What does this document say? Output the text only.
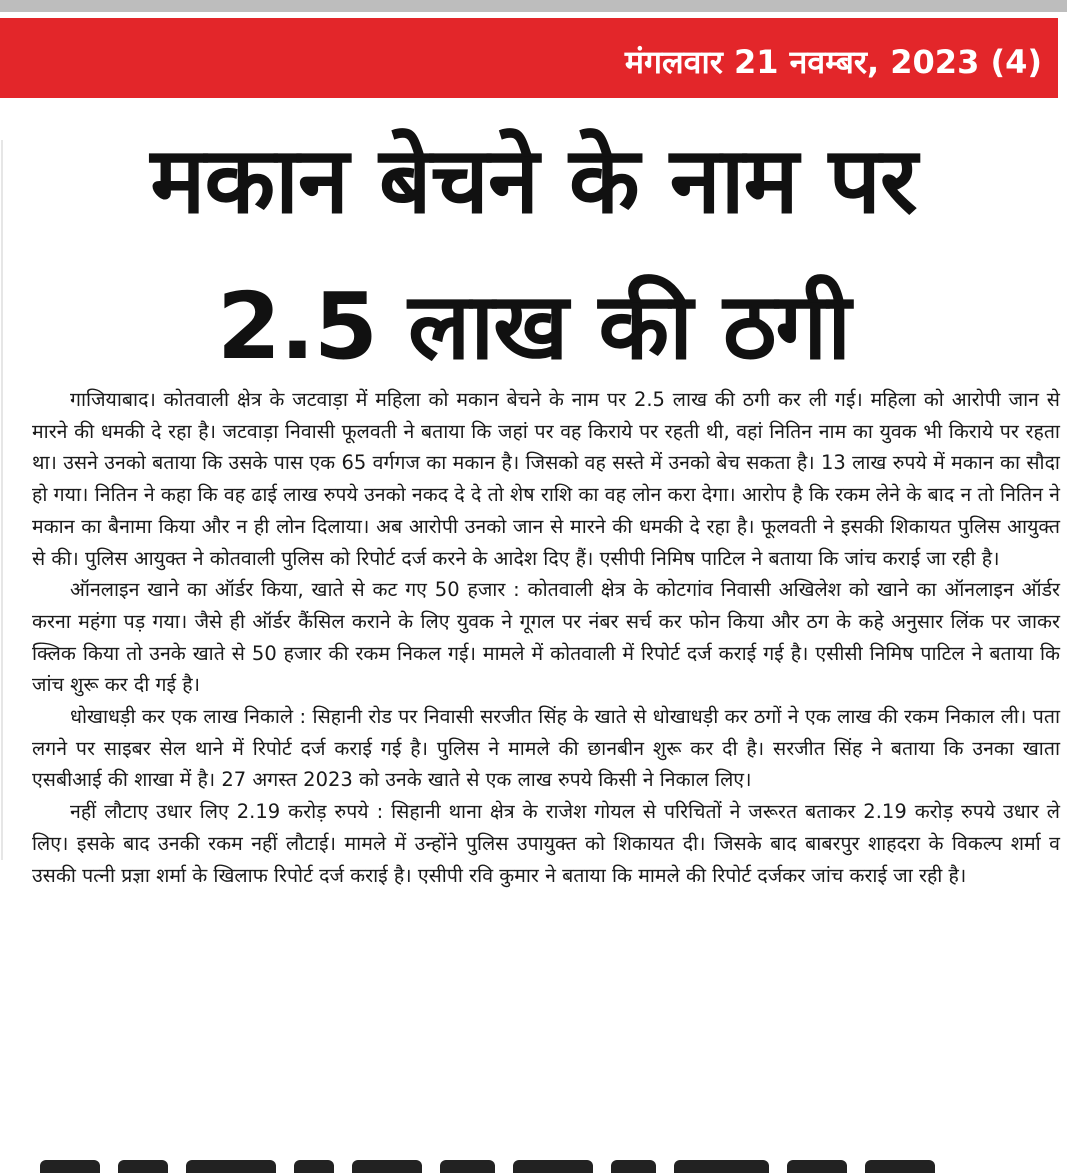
मंगलवार 21 नवम्बर, 2023 (4)
मकान बेचने के नाम पर
2.5 लाख की ठगी

गाजियाबाद। कोतवाली क्षेत्र के जटवाड़ा में महिला को मकान बेचने के नाम पर 2.5 लाख की ठगी कर ली गई। महिला को आरोपी जान से मारने की धमकी दे रहा है। जटवाड़ा निवासी फूलवती ने बताया कि जहां पर वह किराये पर रहती थी, वहां नितिन नाम का युवक भी किराये पर रहता था। उसने उनको बताया कि उसके पास एक 65 वर्गगज का मकान है। जिसको वह सस्ते में उनको बेच सकता है। 13 लाख रुपये में मकान का सौदा हो गया। नितिन ने कहा कि वह ढाई लाख रुपये उनको नकद दे दे तो शेष राशि का वह लोन करा देगा। आरोप है कि रकम लेने के बाद न तो नितिन ने मकान का बैनामा किया और न ही लोन दिलाया। अब आरोपी उनको जान से मारने की धमकी दे रहा है। फूलवती ने इसकी शिकायत पुलिस आयुक्त से की। पुलिस आयुक्त ने कोतवाली पुलिस को रिपोर्ट दर्ज करने के आदेश दिए हैं। एसीपी निमिष पाटिल ने बताया कि जांच कराई जा रही है।

ऑनलाइन खाने का ऑर्डर किया, खाते से कट गए 50 हजार : कोतवाली क्षेत्र के कोटगांव निवासी अखिलेश को खाने का ऑनलाइन ऑर्डर करना महंगा पड़ गया। जैसे ही ऑर्डर कैंसिल कराने के लिए युवक ने गूगल पर नंबर सर्च कर फोन किया और ठग के कहे अनुसार लिंक पर जाकर क्लिक किया तो उनके खाते से 50 हजार की रकम निकल गई। मामले में कोतवाली में रिपोर्ट दर्ज कराई गई है। एसीसी निमिष पाटिल ने बताया कि जांच शुरू कर दी गई है।

धोखाधड़ी कर एक लाख निकाले : सिहानी रोड पर निवासी सरजीत सिंह के खाते से धोखाधड़ी कर ठगों ने एक लाख की रकम निकाल ली। पता लगने पर साइबर सेल थाने में रिपोर्ट दर्ज कराई गई है। पुलिस ने मामले की छानबीन शुरू कर दी है। सरजीत सिंह ने बताया कि उनका खाता एसबीआई की शाखा में है। 27 अगस्त 2023 को उनके खाते से एक लाख रुपये किसी ने निकाल लिए।

नहीं लौटाए उधार लिए 2.19 करोड़ रुपये : सिहानी थाना क्षेत्र के राजेश गोयल से परिचितों ने जरूरत बताकर 2.19 करोड़ रुपये उधार ले लिए। इसके बाद उनकी रकम नहीं लौटाई। मामले में उन्होंने पुलिस उपायुक्त को शिकायत दी। जिसके बाद बाबरपुर शाहदरा के विकल्प शर्मा व उसकी पत्नी प्रज्ञा शर्मा के खिलाफ रिपोर्ट दर्ज कराई है। एसीपी रवि कुमार ने बताया कि मामले की रिपोर्ट दर्जकर जांच कराई जा रही है।
